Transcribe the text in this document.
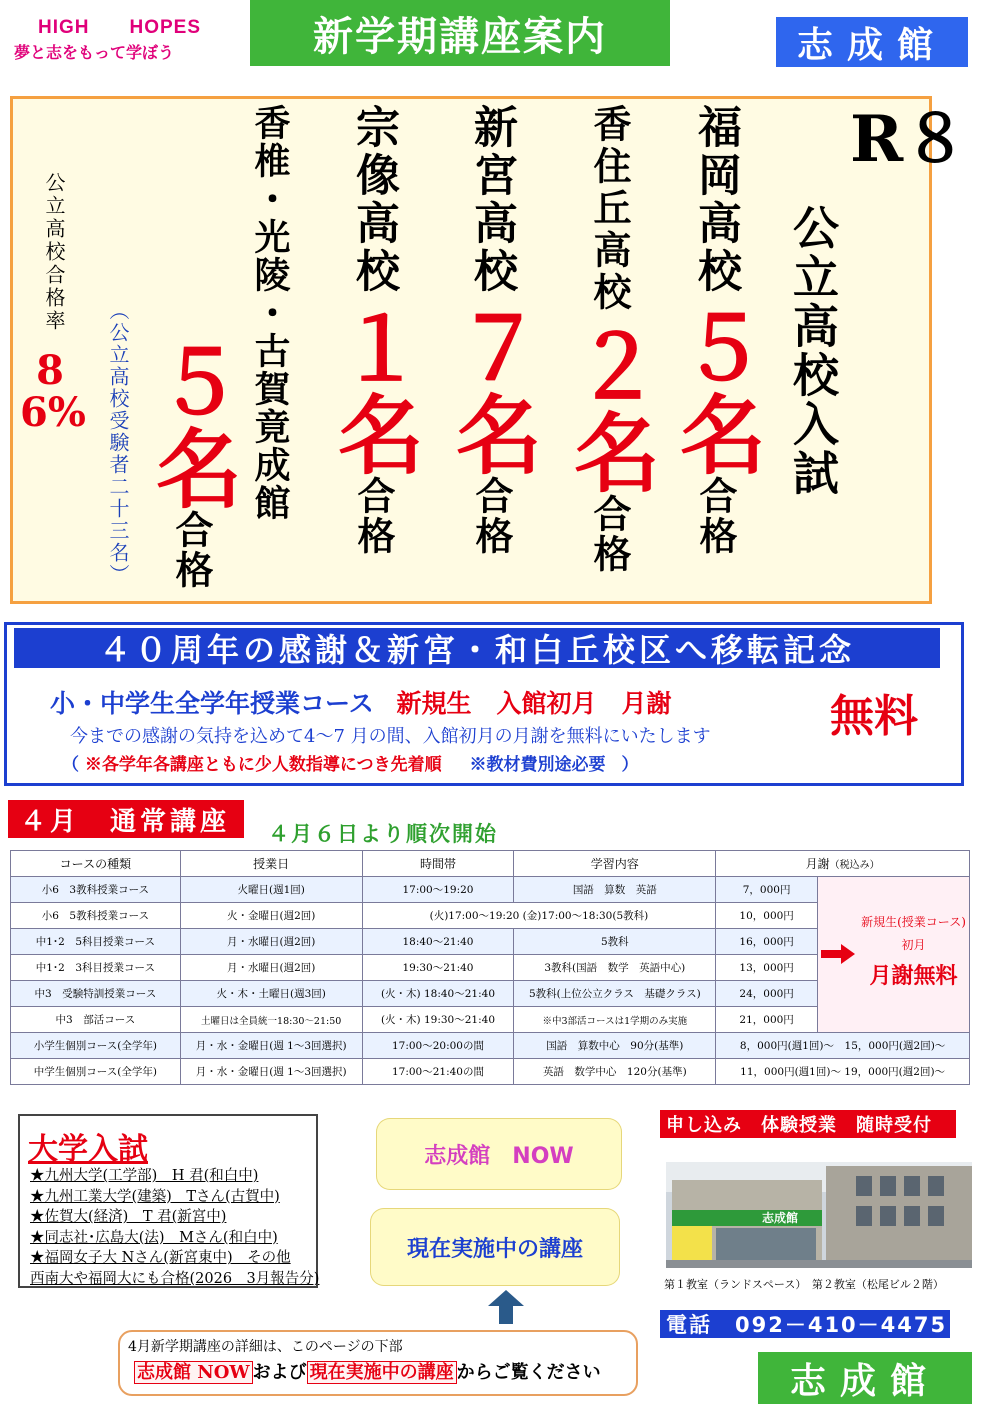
HIGH　　HOPES
夢と志をもって学ぼう	新学期講座案内	志成館
R８
公立高校入試
福岡高校
５名
合格
香住丘高校
２名
合格
新宮高校
７名
合格
宗像高校
１名
合格
香椎・光陵・古賀竟成館
５名
合格
（公立高校受験者二十三名）
公立高校合格率
86%
４０周年の感謝＆新宮・和白丘校区へ移転記念
小・中学生全学年授業コース 新規生　入館初月　月謝	無料
今までの感謝の気持を込めて4～7 月の間、入館初月の月謝を無料にいたします
（ ※各学年各講座ともに少人数指導につき先着順 ※教材費別途必要 ）
４月　通常講座	４月６日より順次開始
コースの種類	授業日	時間帯	学習内容	月謝（税込み）	
小6　3教科授業コース	火曜日(週1回)	17:00～19:20	国語　算数　英語	7，000円	新規生(授業コース)
初月
月謝無料

小6　5教科授業コース	火・金曜日(週2回)	(火)17:00～19:20 (金)17:00～18:30(5教科)		10，000円	
中1･2　5科目授業コース	月・水曜日(週2回)	18:40～21:40	5教科	16，000円	
中1･2　3科目授業コース	月・水曜日(週2回)	19:30～21:40	3教科(国語　数学　英語中心)	13，000円	
中3　受験特訓授業コース	火・木・土曜日(週3回)	(火・木) 18:40～21:40	5教科(上位公立クラス　基礎クラス)	24，000円	
中3　部活コース	土曜日は全員統一18:30～21:50	(火・木) 19:30～21:40	※中3部活コースは1学期のみ実施	21，000円	
小学生個別コース(全学年)	月・水・金曜日(週 1～3回選択)	17:00～20:00の間	国語　算数中心　90分(基準)	8，000円(週1回)～　15，000円(週2回)～	
中学生個別コース(全学年)	月・水・金曜日(週 1～3回選択)	17:00～21:40の間	英語　数学中心　120分(基準)	11，000円(週1回)～ 19，000円(週2回)～	
大学入試
★九州大学(工学部)　H 君(和白中)
★九州工業大学(建築)　Tさん(古賀中)
★佐賀大(経済)　T 君(新宮中)
★同志社･広島大(法)　Mさん(和白中)
★福岡女子大 Nさん(新宮東中)　その他
西南大や福岡大にも合格(2026　3月報告分)
志成館　NOW
現在実施中の講座
4月新学期講座の詳細は、このページの下部
志成館 NOW および 現在実施中の講座 からご覧ください
申し込み　体験授業　随時受付
志成館
第１教室（ランドスペース）　第２教室（松尾ビル２階）
電話　092－410－4475
志成館
